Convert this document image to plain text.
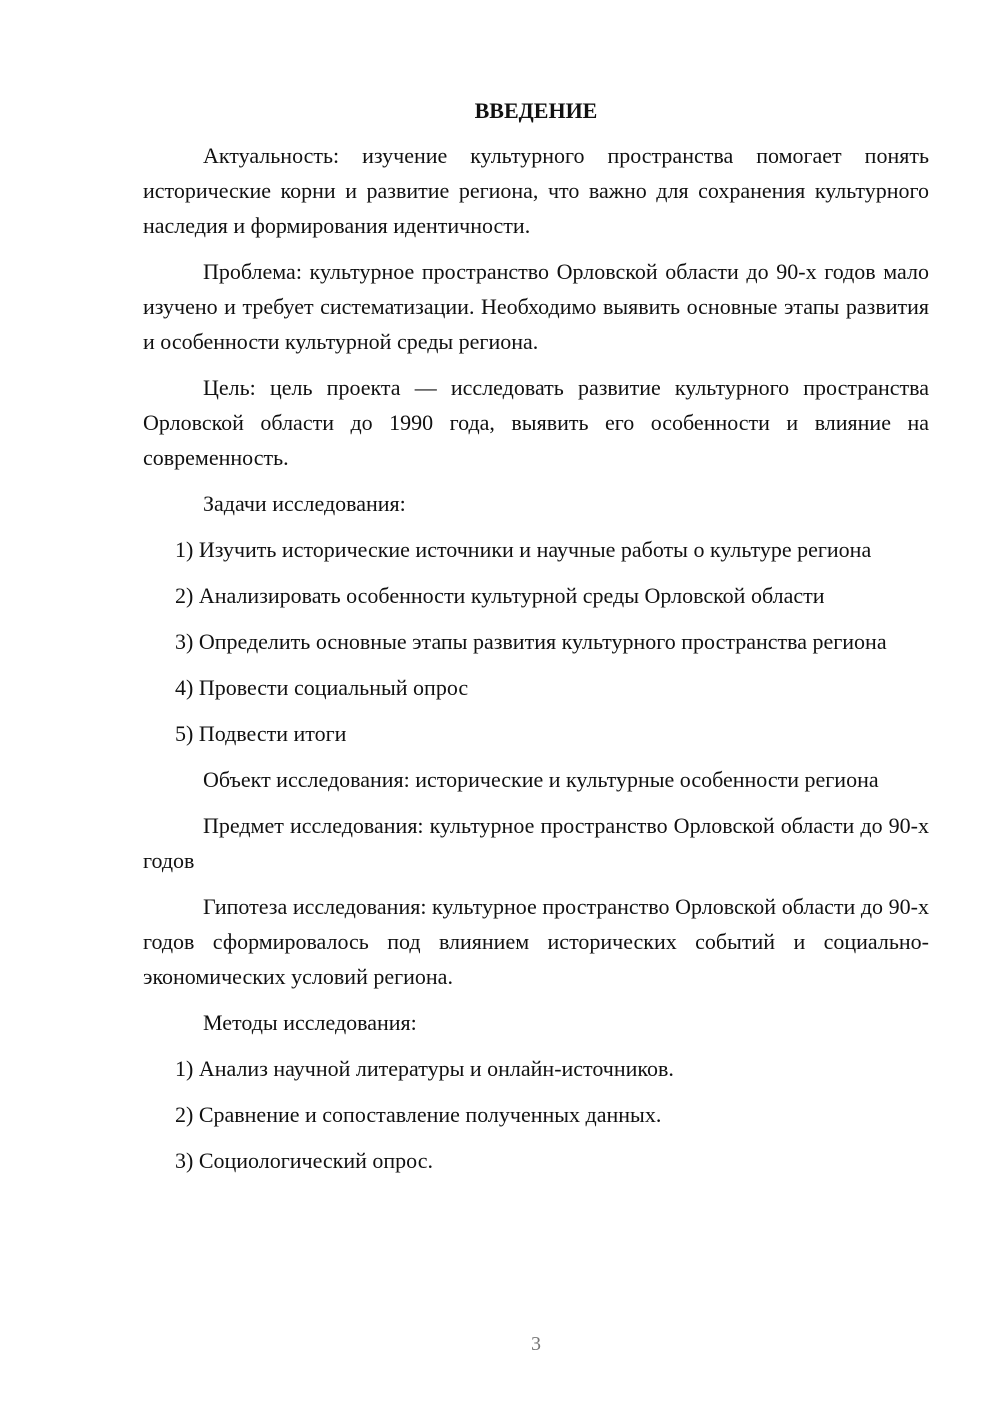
ВВЕДЕНИЕ

Актуальность: изучение культурного пространства помогает понять исторические корни и развитие региона, что важно для сохранения культурного наследия и формирования идентичности.

Проблема: культурное пространство Орловской области до 90-х годов мало изучено и требует систематизации. Необходимо выявить основные этапы развития и особенности культурной среды региона.

Цель: цель проекта — исследовать развитие культурного пространства Орловской области до 1990 года, выявить его особенности и влияние на современность.

Задачи исследования:

1) Изучить исторические источники и научные работы о культуре региона

2) Анализировать особенности культурной среды Орловской области

3) Определить основные этапы развития культурного пространства региона

4) Провести социальный опрос

5) Подвести итоги

Объект исследования: исторические и культурные особенности региона

Предмет исследования: культурное пространство Орловской области до 90-х годов

Гипотеза исследования: культурное пространство Орловской области до 90-х годов сформировалось под влиянием исторических событий и социально-экономических условий региона.

Методы исследования:

1) Анализ научной литературы и онлайн-источников.

2) Сравнение и сопоставление полученных данных.

3) Социологический опрос.

3
